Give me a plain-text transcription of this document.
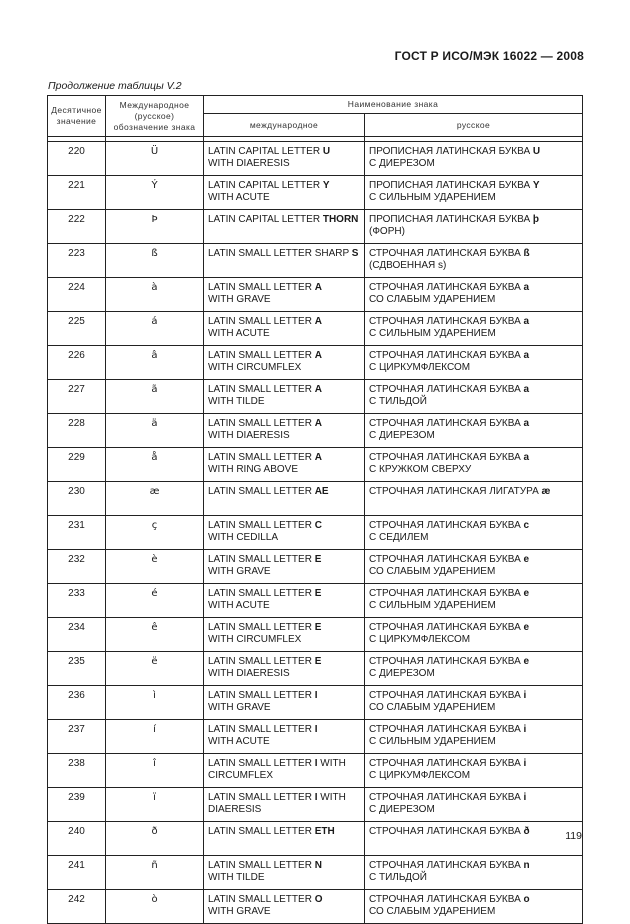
ГОСТ Р ИСО/МЭК 16022 — 2008
Продолжение таблицы V.2
Десятичное
значение	Международное
(русское)
обозначение знака	Наименование знака	
		международное	русское

220	Ü	LATIN CAPITAL LETTER U
WITH DIAERESIS	ПРОПИСНАЯ ЛАТИНСКАЯ БУКВА U
С ДИЕРЕЗОМ

221	Ý	LATIN CAPITAL LETTER Y
WITH ACUTE	ПРОПИСНАЯ ЛАТИНСКАЯ БУКВА Y
С СИЛЬНЫМ УДАРЕНИЕМ

222	Þ	LATIN CAPITAL LETTER THORN	ПРОПИСНАЯ ЛАТИНСКАЯ БУКВА þ
(ФОРН)

223	ß	LATIN SMALL LETTER SHARP S	СТРОЧНАЯ ЛАТИНСКАЯ БУКВА ß
(СДВОЕННАЯ s)

224	à	LATIN SMALL LETTER A
WITH GRAVE	СТРОЧНАЯ ЛАТИНСКАЯ БУКВА a
СО СЛАБЫМ УДАРЕНИЕМ

225	á	LATIN SMALL LETTER A
WITH ACUTE	СТРОЧНАЯ ЛАТИНСКАЯ БУКВА a
С СИЛЬНЫМ УДАРЕНИЕМ

226	â	LATIN SMALL LETTER A
WITH CIRCUMFLEX	СТРОЧНАЯ ЛАТИНСКАЯ БУКВА a
С ЦИРКУМФЛЕКСОМ

227	ã	LATIN SMALL LETTER A
WITH TILDE	СТРОЧНАЯ ЛАТИНСКАЯ БУКВА a
С ТИЛЬДОЙ

228	ä	LATIN SMALL LETTER A
WITH DIAERESIS	СТРОЧНАЯ ЛАТИНСКАЯ БУКВА a
С ДИЕРЕЗОМ

229	å	LATIN SMALL LETTER A
WITH RING ABOVE	СТРОЧНАЯ ЛАТИНСКАЯ БУКВА a
С КРУЖКОМ СВЕРХУ

230	æ	LATIN SMALL LETTER AE	СТРОЧНАЯ ЛАТИНСКАЯ ЛИГАТУРА æ

231	ç	LATIN SMALL LETTER C
WITH CEDILLA	СТРОЧНАЯ ЛАТИНСКАЯ БУКВА c
С СЕДИЛЕМ

232	è	LATIN SMALL LETTER E
WITH GRAVE	СТРОЧНАЯ ЛАТИНСКАЯ БУКВА e
СО СЛАБЫМ УДАРЕНИЕМ

233	é	LATIN SMALL LETTER E
WITH ACUTE	СТРОЧНАЯ ЛАТИНСКАЯ БУКВА e
С СИЛЬНЫМ УДАРЕНИЕМ

234	ê	LATIN SMALL LETTER E
WITH CIRCUMFLEX	СТРОЧНАЯ ЛАТИНСКАЯ БУКВА e
С ЦИРКУМФЛЕКСОМ

235	ë	LATIN SMALL LETTER E
WITH DIAERESIS	СТРОЧНАЯ ЛАТИНСКАЯ БУКВА e
С ДИЕРЕЗОМ

236	ì	LATIN SMALL LETTER I
WITH GRAVE	СТРОЧНАЯ ЛАТИНСКАЯ БУКВА i
СО СЛАБЫМ УДАРЕНИЕМ

237	í	LATIN SMALL LETTER I
WITH ACUTE	СТРОЧНАЯ ЛАТИНСКАЯ БУКВА i
С СИЛЬНЫМ УДАРЕНИЕМ

238	î	LATIN SMALL LETTER I WITH
CIRCUMFLEX	СТРОЧНАЯ ЛАТИНСКАЯ БУКВА i
С ЦИРКУМФЛЕКСОМ

239	ï	LATIN SMALL LETTER I WITH
DIAERESIS	СТРОЧНАЯ ЛАТИНСКАЯ БУКВА i
С ДИЕРЕЗОМ

240	ð	LATIN SMALL LETTER ETH	СТРОЧНАЯ ЛАТИНСКАЯ БУКВА ð

241	ñ	LATIN SMALL LETTER N
WITH TILDE	СТРОЧНАЯ ЛАТИНСКАЯ БУКВА n
С ТИЛЬДОЙ

242	ò	LATIN SMALL LETTER O
WITH GRAVE	СТРОЧНАЯ ЛАТИНСКАЯ БУКВА o
СО СЛАБЫМ УДАРЕНИЕМ
119
